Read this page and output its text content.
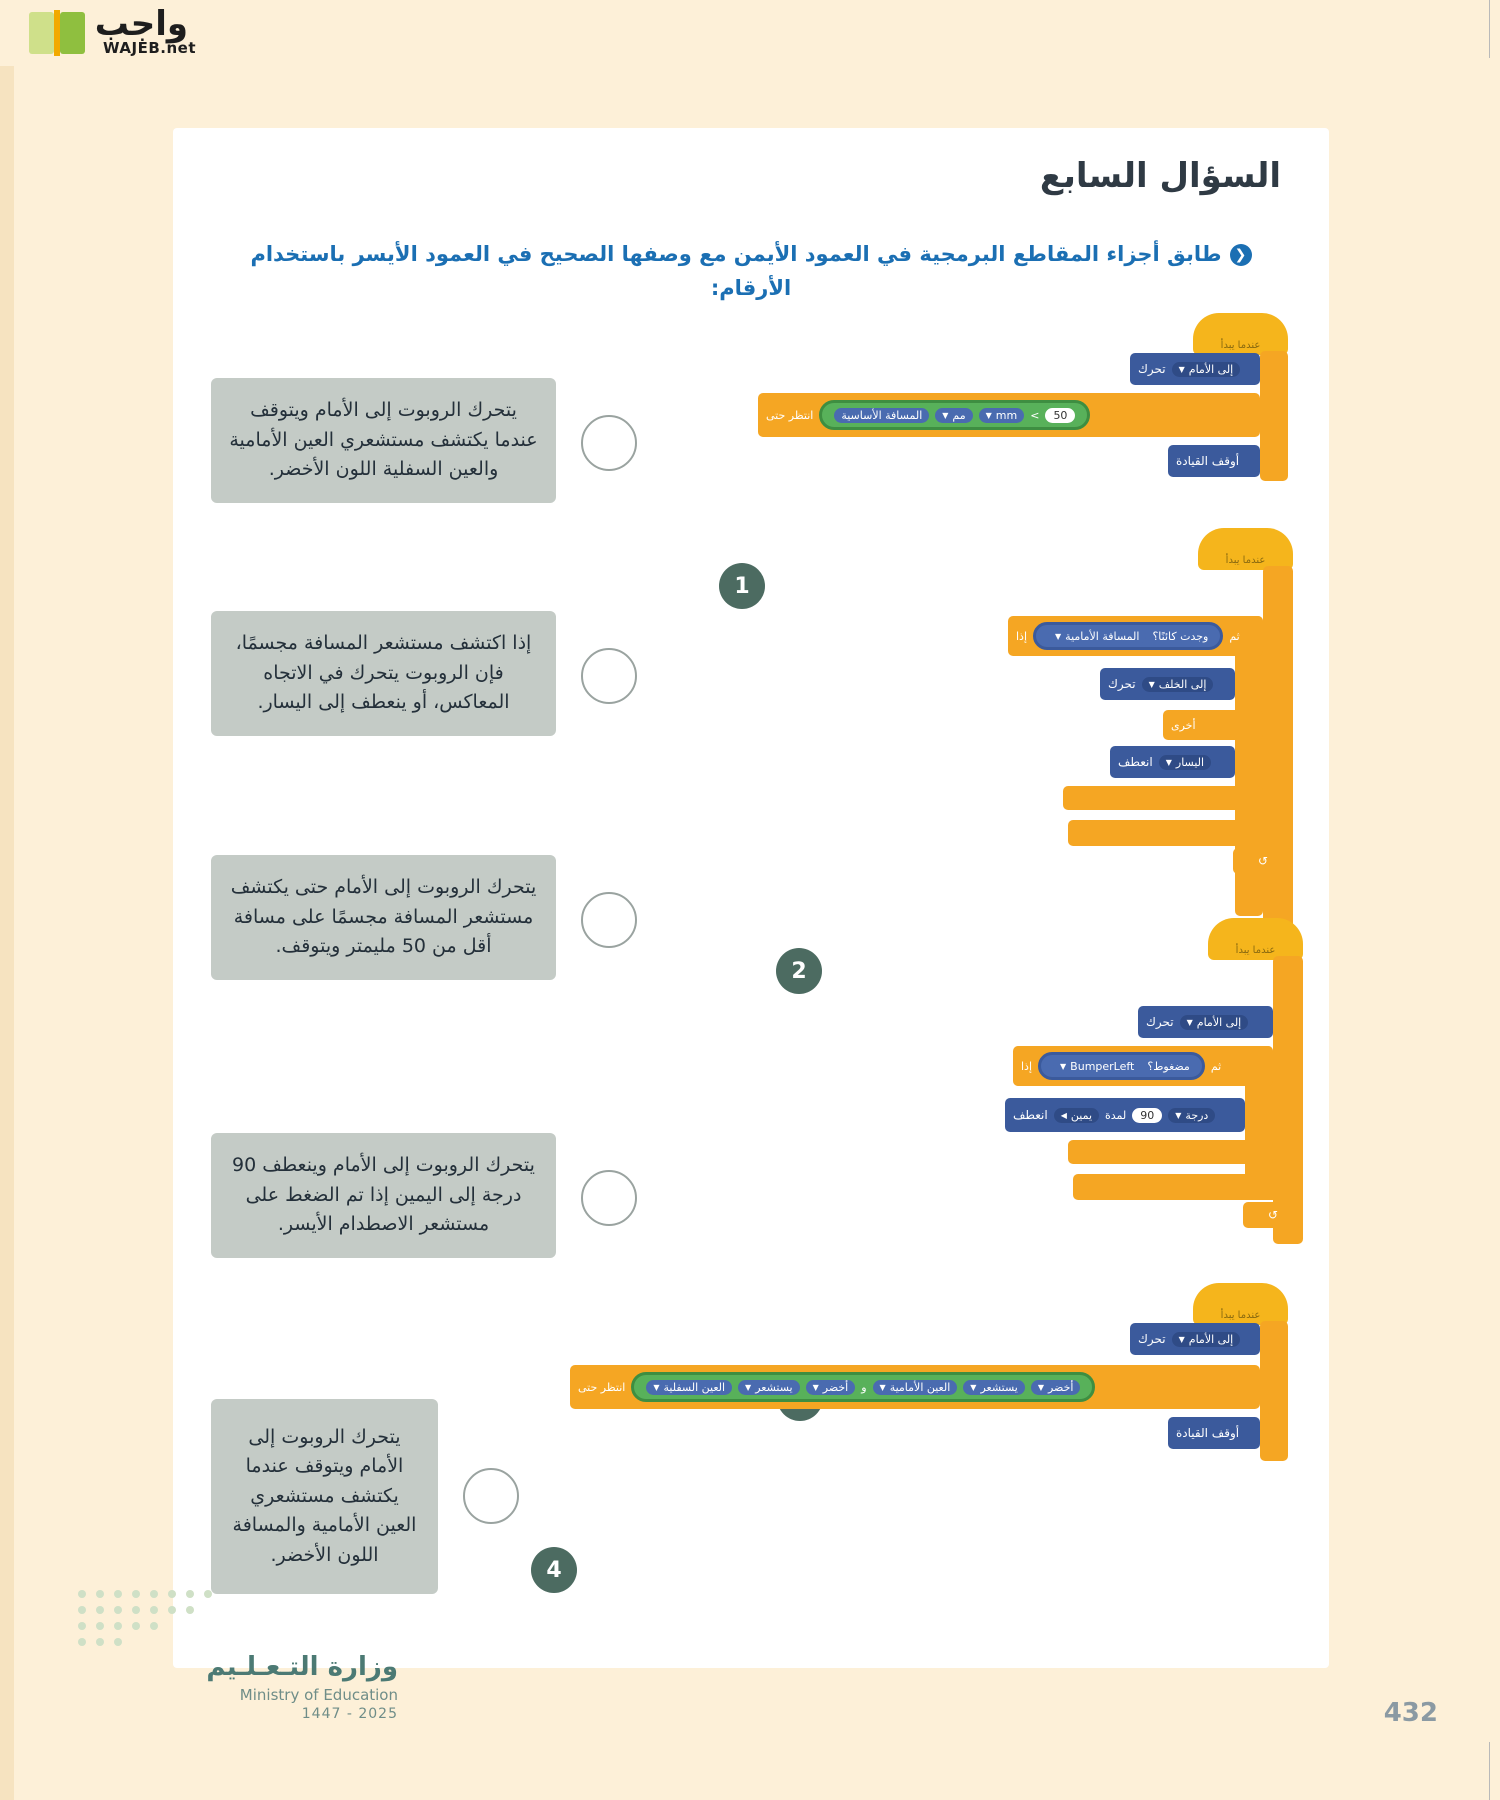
واجب
WAJEB.net
السؤال السابع
❮طابق أجزاء المقاطع البرمجية في العمود الأيمن مع وصفها الصحيح في العمود الأيسر باستخدام الأرقام:
يتحرك الروبوت إلى الأمام ويتوقف عندما يكتشف مستشعري العين الأمامية والعين السفلية اللون الأخضر.
إذا اكتشف مستشعر المسافة مجسمًا، فإن الروبوت يتحرك في الاتجاه المعاكس، أو ينعطف إلى اليسار.
يتحرك الروبوت إلى الأمام حتى يكتشف مستشعر المسافة مجسمًا على مسافة أقل من 50 مليمتر ويتوقف.
يتحرك الروبوت إلى الأمام وينعطف 90 درجة إلى اليمين إذا تم الضغط على مستشعر الاصطدام الأيسر.
يتحرك الروبوت إلى الأمام ويتوقف عندما يكتشف مستشعري العين الأمامية والمسافة اللون الأخضر.
1
2
4
عندما يبدأ
تحرك إلى الأمام
▼
انتظر حتى	المسافة الأساسية	مم
▼	mm
▼	>	50
أوقف القيادة
عندما يبدأ
إلى الأبد
إذا	المسافة الأمامية
▼	وجدت كائنًا؟ ثم
تحرك إلى الخلف
▼
أخرى
انعطف اليسار
▼
↺
عندما يبدأ
إلى الأبد
تحرك إلى الأمام
▼
إذا	BumperLeft
▼	مضغوط؟ ثم
انعطف يمين
◀	لمدة	90	درجة
▼
↺
عندما يبدأ
تحرك إلى الأمام
▼
انتظر حتى	العين السفلية
▼	يستشعر
▼	أخضر
▼	و العين الأمامية
▼	يستشعر
▼	أخضر
▼
أوقف القيادة
وزارة التـعـلـيم
Ministry of Education
2025 - 1447	432
